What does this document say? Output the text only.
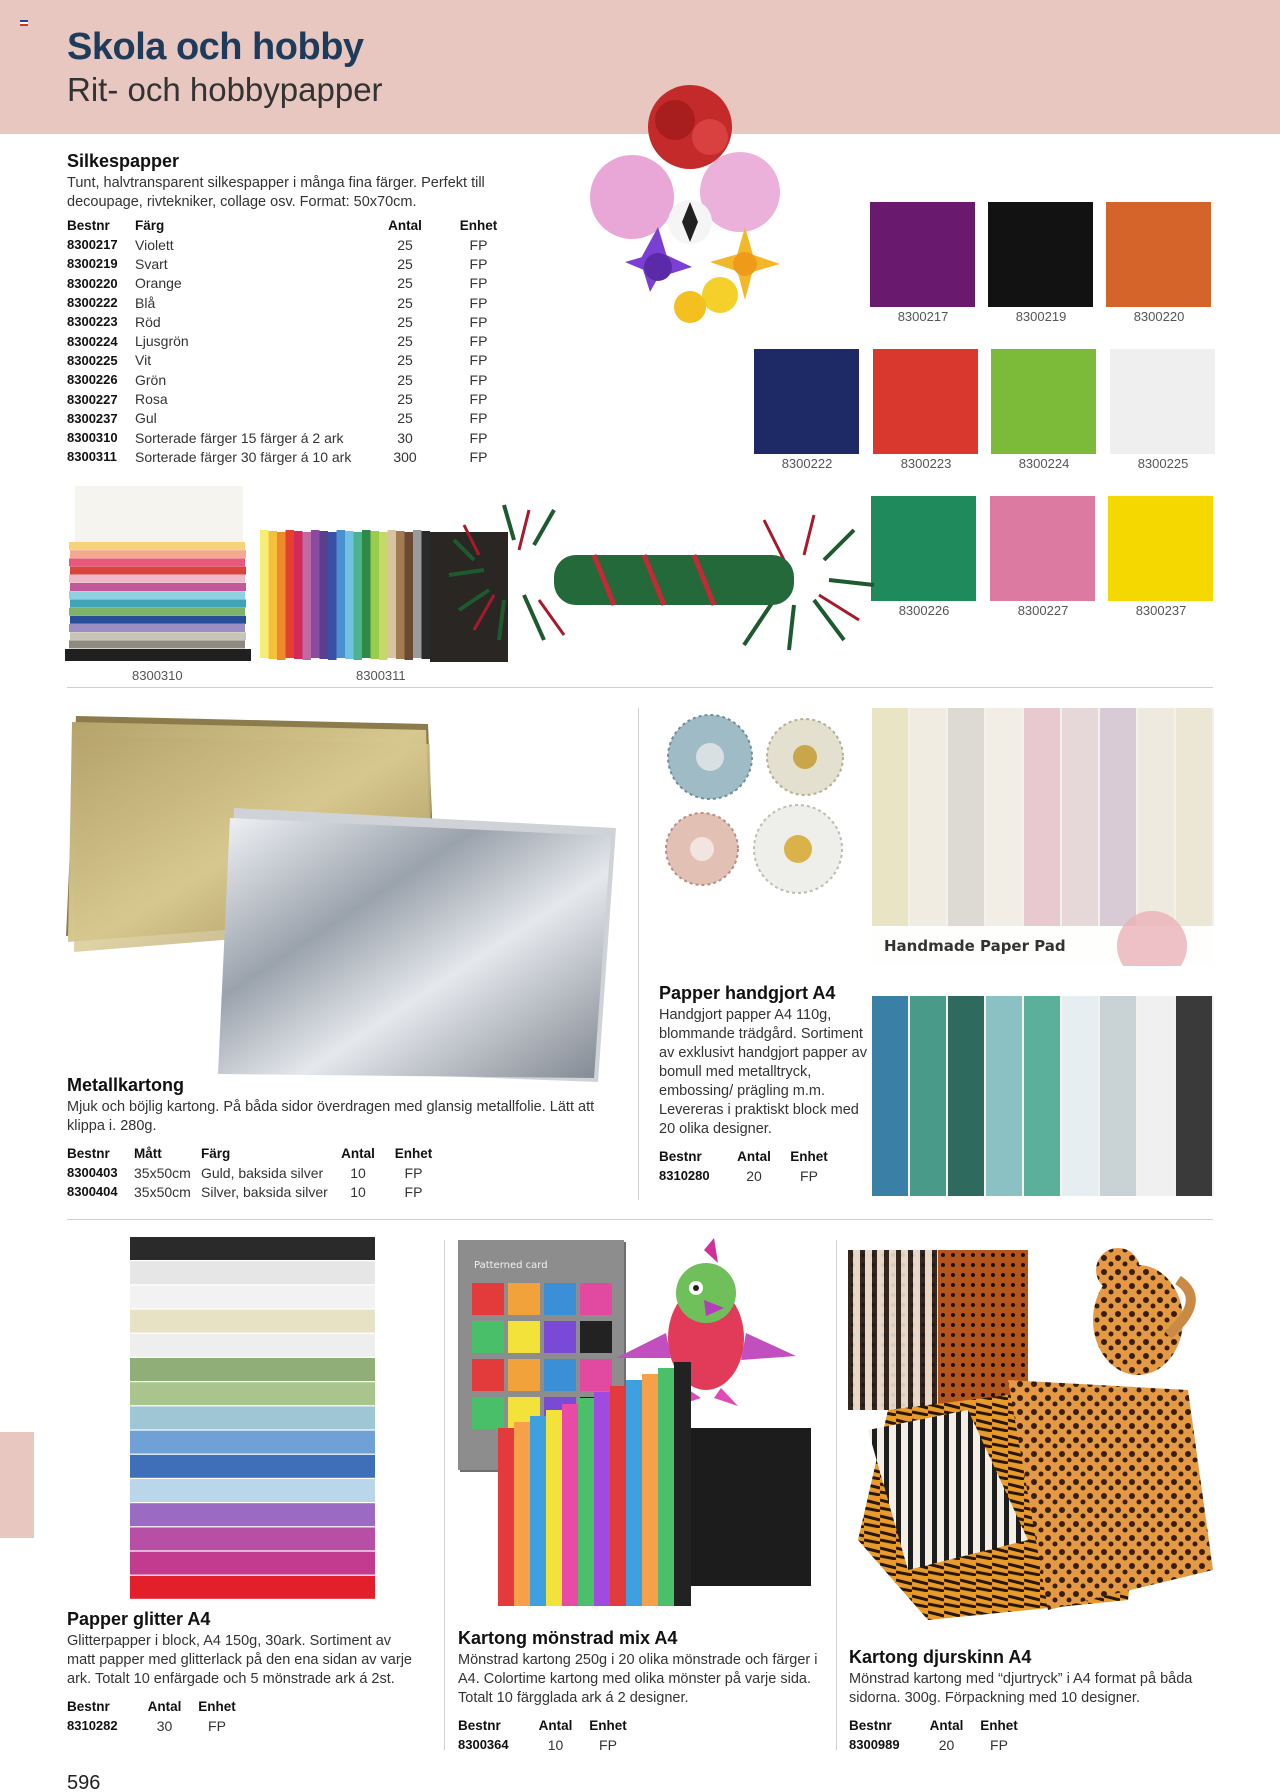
Skola och hobby
Rit- och hobbypapper
Silkespapper
Tunt, halvtransparent silkespapper i många fina färger. Perfekt till decoupage, rivtekniker, collage osv. Format: 50x70cm.
Bestnr	Färg	Antal	Enhet
8300217	Violett	25	FP
8300219	Svart	25	FP
8300220	Orange	25	FP
8300222	Blå	25	FP
8300223	Röd	25	FP
8300224	Ljusgrön	25	FP
8300225	Vit	25	FP
8300226	Grön	25	FP
8300227	Rosa	25	FP
8300237	Gul	25	FP
8300310	Sorterade färger 15 färger á 2 ark	30	FP
8300311	Sorterade färger 30 färger á 10 ark	300	FP
8300217	8300219	8300220
8300222	8300223	8300224	8300225
8300226	8300227	8300237
8300310	8300311
Metallkartong
Mjuk och böjlig kartong. På båda sidor överdragen med glansig metallfolie. Lätt att klippa i. 280g.
Bestnr	Mått	Färg	Antal	Enhet
8300403	35x50cm	Guld, baksida silver	10	FP
8300404	35x50cm	Silver, baksida silver	10	FP
Handmade Paper Pad
Papper handgjort A4
Handgjort papper A4 110g, blommande trädgård. Sortiment av exklusivt handgjort papper av bomull med metalltryck, embossing/ prägling m.m. Levereras i praktiskt block med 20 olika designer.
Bestnr	Antal	Enhet
8310280	20	FP
Papper glitter A4
Glitterpapper i block, A4 150g, 30ark. Sortiment av matt papper med glitterlack på den ena sidan av varje ark. Totalt 10 enfärgade och 5 mönstrade ark á 2st.
Bestnr	Antal	Enhet
8310282	30	FP
Patterned card
Kartong mönstrad mix A4
Mönstrad kartong 250g i 20 olika mönstrade och färger i A4. Colortime kartong med olika mönster på varje sida. Totalt 10 färgglada ark á 2 designer.
Bestnr	Antal	Enhet
8300364	10	FP
Kartong djurskinn A4
Mönstrad kartong med “djurtryck” i A4 format på båda sidorna. 300g. Förpackning med 10 designer.
Bestnr	Antal	Enhet
8300989	20	FP
596
